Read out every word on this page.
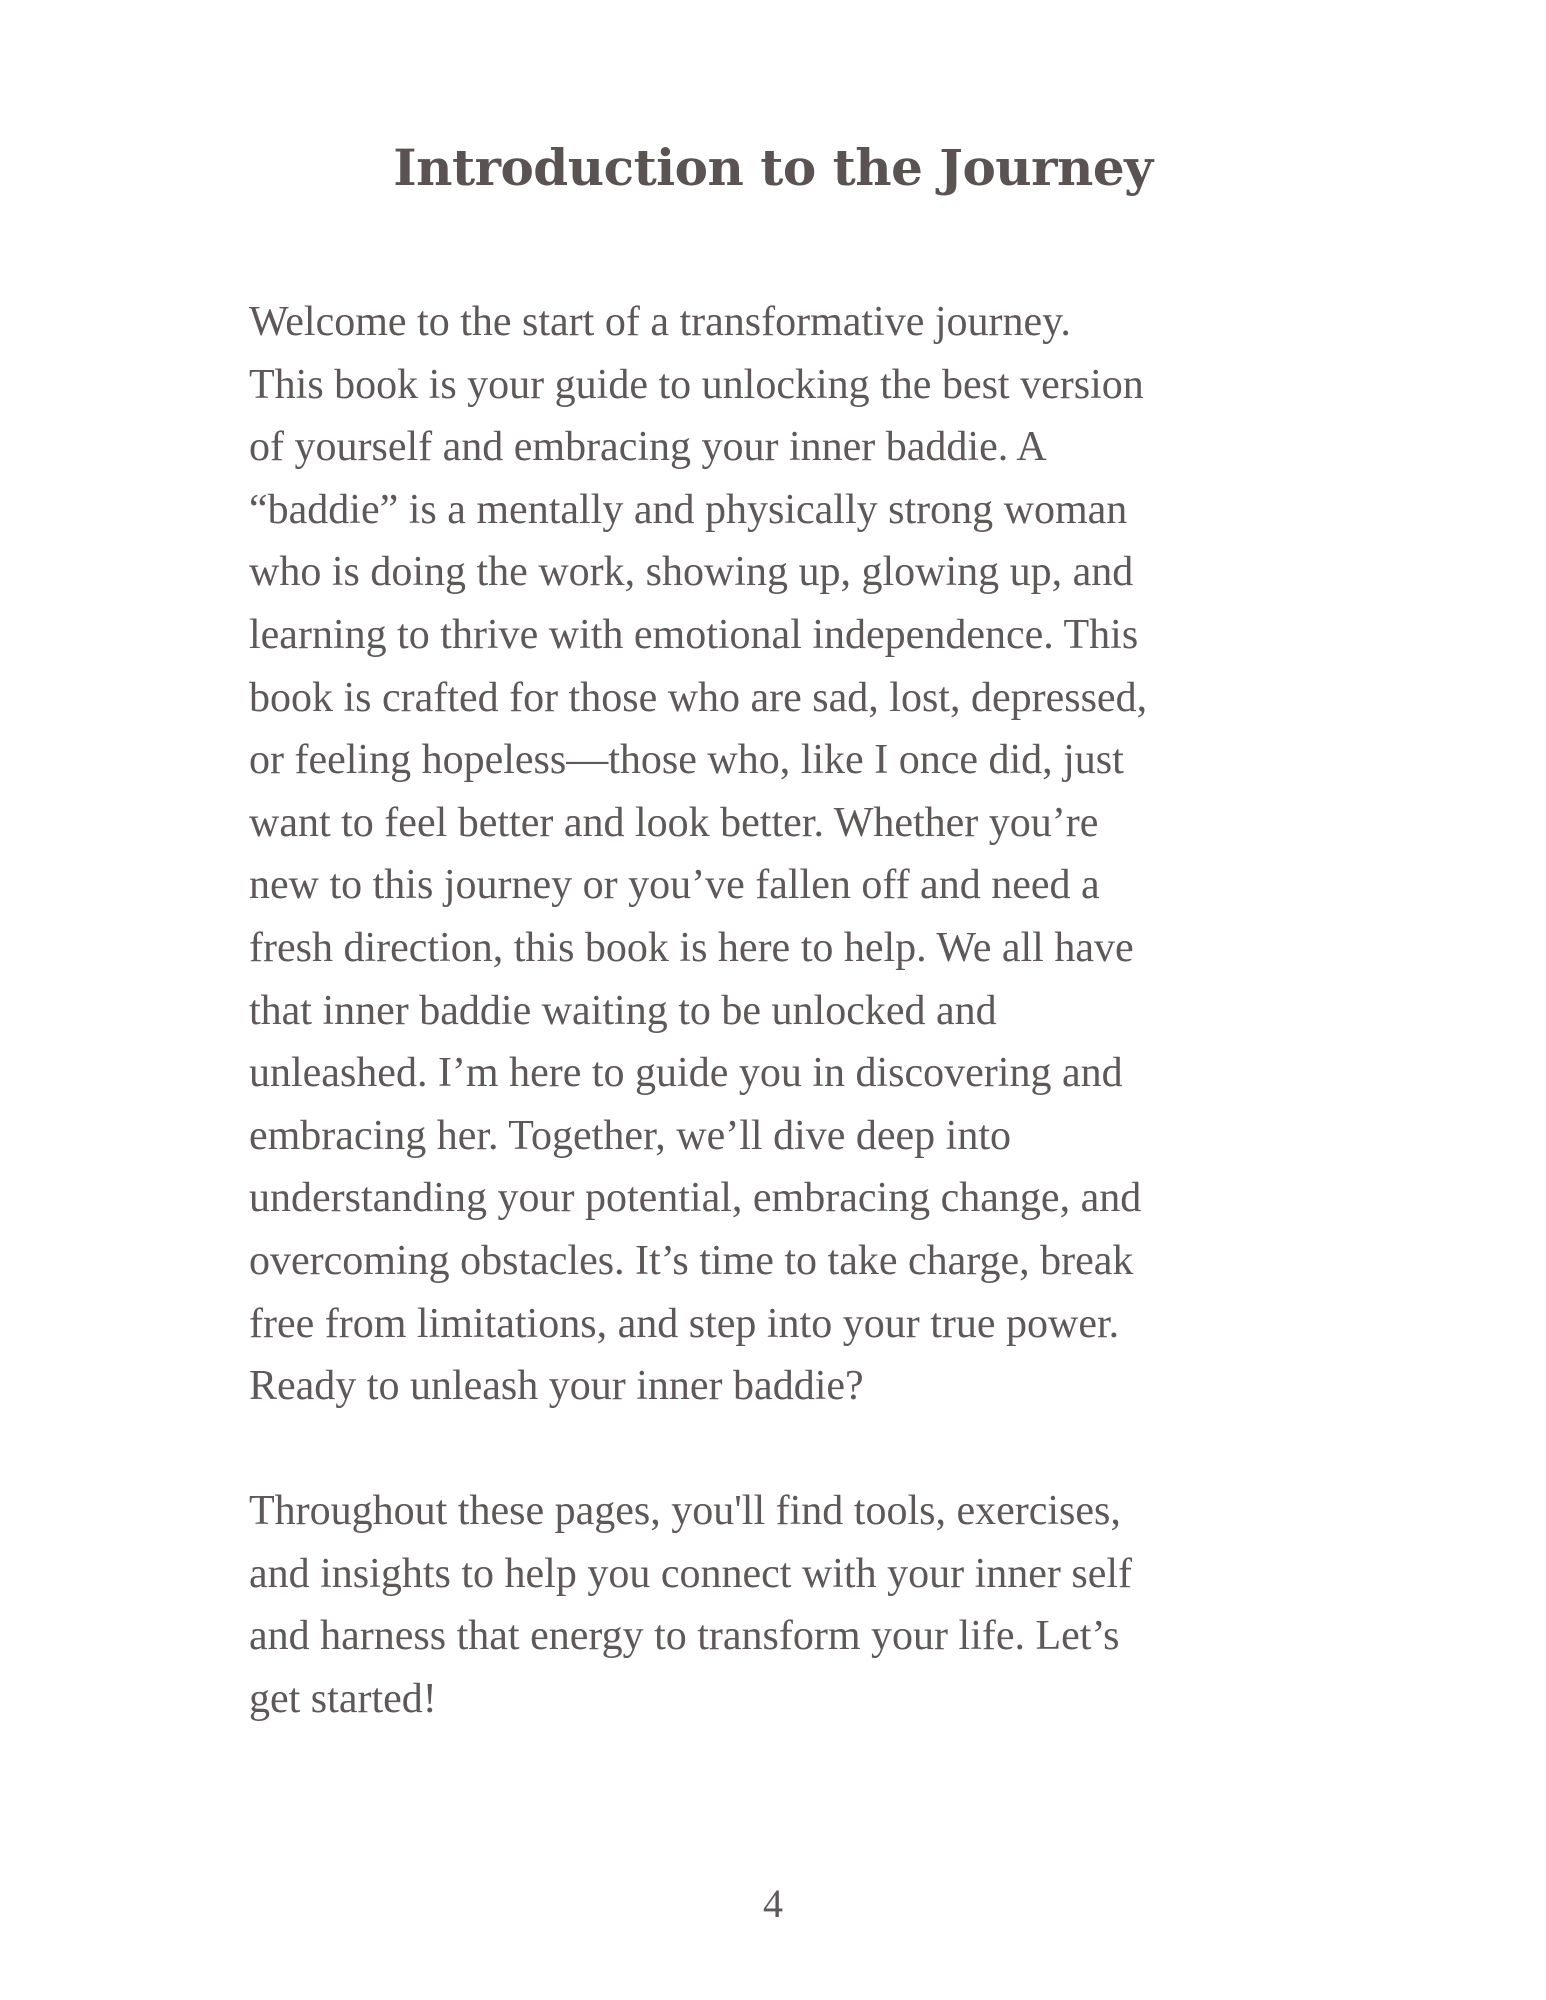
Introduction to the Journey

Welcome to the start of a transformative journey.
This book is your guide to unlocking the best version
of yourself and embracing your inner baddie. A
“baddie” is a mentally and physically strong woman
who is doing the work, showing up, glowing up, and
learning to thrive with emotional independence. This
book is crafted for those who are sad, lost, depressed,
or feeling hopeless—those who, like I once did, just
want to feel better and look better. Whether you’re
new to this journey or you’ve fallen off and need a
fresh direction, this book is here to help. We all have
that inner baddie waiting to be unlocked and
unleashed. I’m here to guide you in discovering and
embracing her. Together, we’ll dive deep into
understanding your potential, embracing change, and
overcoming obstacles. It’s time to take charge, break
free from limitations, and step into your true power.
Ready to unleash your inner baddie?

Throughout these pages, you'll find tools, exercises,
and insights to help you connect with your inner self
and harness that energy to transform your life. Let’s
get started!

4
